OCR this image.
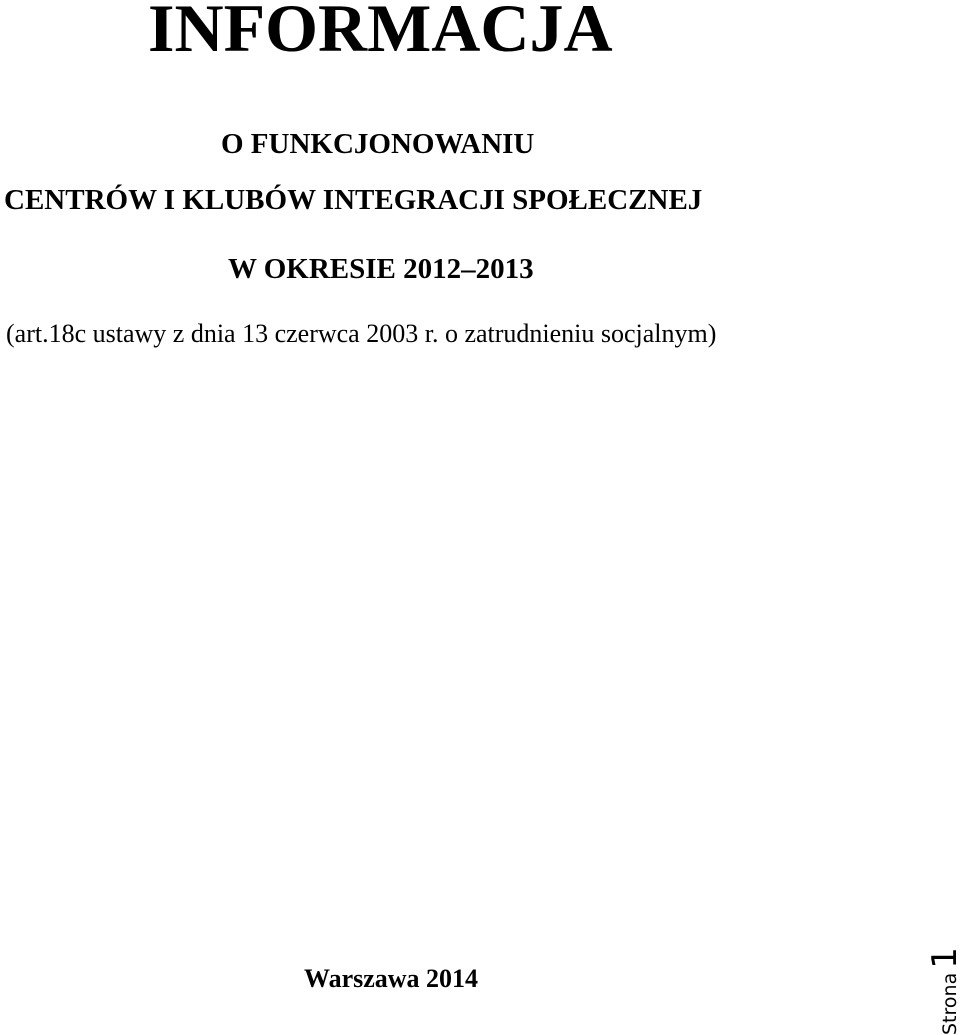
INFORMACJA

O FUNKCJONOWANIU

CENTRÓW I KLUBÓW INTEGRACJI SPOŁECZNEJ

W OKRESIE 2012–2013

(art.18c ustawy z dnia 13 czerwca 2003 r. o zatrudnieniu socjalnym)

Warszawa 2014	Strona
1
